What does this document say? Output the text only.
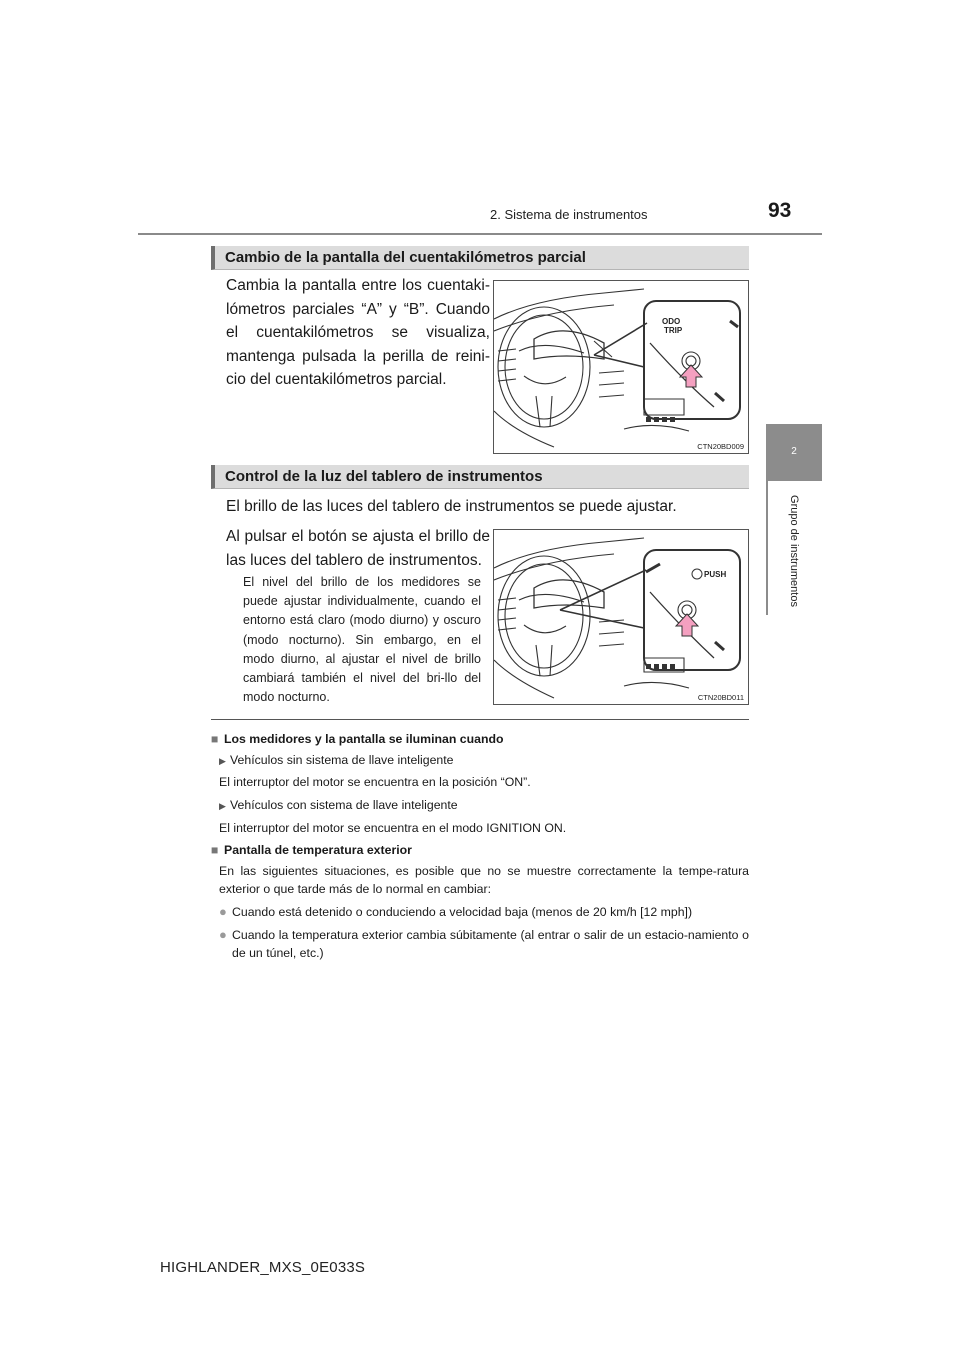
2. Sistema de instrumentos	93
2
Grupo de instrumentos
Cambio de la pantalla del cuentakilómetros parcial
Cambia la pantalla entre los cuentaki-lómetros parciales “A” y “B”. Cuando el cuentakilómetros se visualiza, mantenga pulsada la perilla de reini-cio del cuentakilómetros parcial.
ODO
TRIP
CTN20BD009
Control de la luz del tablero de instrumentos
El brillo de las luces del tablero de instrumentos se puede ajustar.
Al pulsar el botón se ajusta el brillo de las luces del tablero de instrumentos.
El nivel del brillo de los medidores se puede ajustar individualmente, cuando el entorno está claro (modo diurno) y oscuro (modo nocturno). Sin embargo, en el modo diurno, al ajustar el nivel de brillo cambiará también el nivel del bri-llo del modo nocturno.
PUSH
CTN20BD011
■ Los medidores y la pantalla se iluminan cuando
▶ Vehículos sin sistema de llave inteligente
El interruptor del motor se encuentra en la posición “ON”.
▶ Vehículos con sistema de llave inteligente
El interruptor del motor se encuentra en el modo IGNITION ON.
■ Pantalla de temperatura exterior
En las siguientes situaciones, es posible que no se muestre correctamente la tempe-ratura exterior o que tarde más de lo normal en cambiar:
● Cuando está detenido o conduciendo a velocidad baja (menos de 20 km/h [12 mph])
● Cuando la temperatura exterior cambia súbitamente (al entrar o salir de un estacio-namiento o de un túnel, etc.)
HIGHLANDER_MXS_0E033S
